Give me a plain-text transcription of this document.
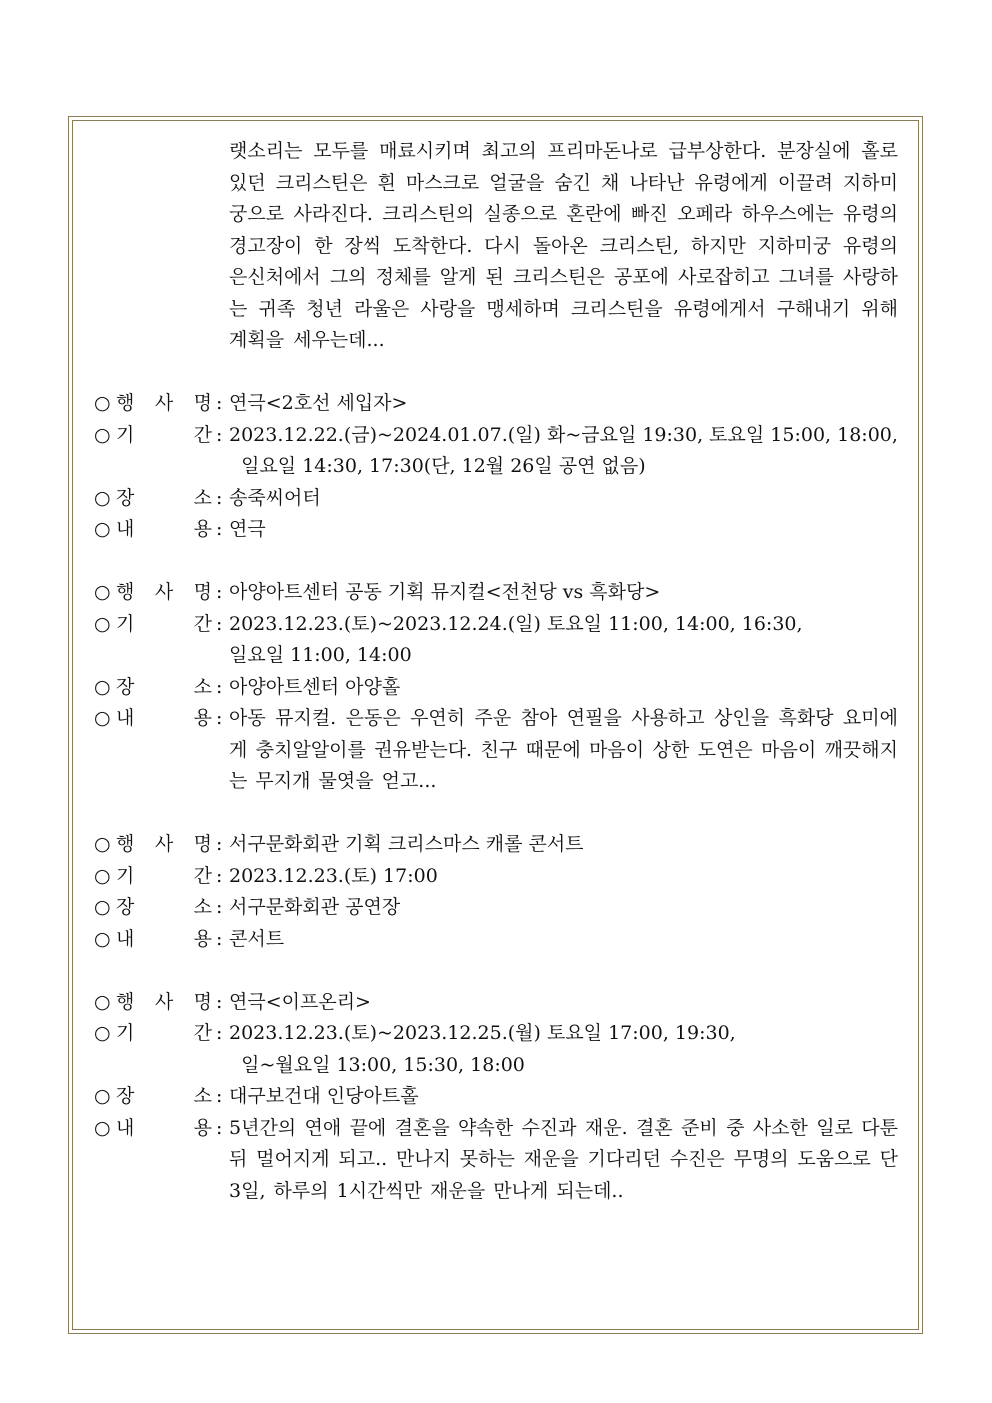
랫소리는 모두를 매료시키며 최고의 프리마돈나로 급부상한다. 분장실에 홀로 있던 크리스틴은 흰 마스크로 얼굴을 숨긴 채 나타난 유령에게 이끌려 지하미궁으로 사라진다. 크리스틴의 실종으로 혼란에 빠진 오페라 하우스에는 유령의 경고장이 한 장씩 도착한다. 다시 돌아온 크리스틴, 하지만 지하미궁 유령의 은신처에서 그의 정체를 알게 된 크리스틴은 공포에 사로잡히고 그녀를 사랑하는 귀족 청년 라울은 사랑을 맹세하며 크리스틴을 유령에게서 구해내기 위해 계획을 세우는데...
○ 행 사 명 : 연극<2호선 세입자>
○ 기	간 : 2023.12.22.(금)~2024.01.07.(일) 화~금요일 19:30, 토요일 15:00, 18:00,
일요일 14:30, 17:30(단, 12월 26일 공연 없음)
○ 장	소 : 송죽씨어터
○ 내	용 : 연극
○ 행 사 명 : 아양아트센터 공동 기획 뮤지컬<전천당 vs 흑화당>
○ 기	간 : 2023.12.23.(토)~2023.12.24.(일) 토요일 11:00, 14:00, 16:30,
일요일 11:00, 14:00
○ 장	소 : 아양아트센터 아양홀
○ 내	용 : 아동 뮤지컬. 은동은 우연히 주운 참아 연필을 사용하고 상인을 흑화당 요미에게 충치알알이를 권유받는다. 친구 때문에 마음이 상한 도연은 마음이 깨끗해지는 무지개 물엿을 얻고...
○ 행 사 명 : 서구문화회관 기획 크리스마스 캐롤 콘서트
○ 기	간 : 2023.12.23.(토) 17:00
○ 장	소 : 서구문화회관 공연장
○ 내	용 : 콘서트
○ 행 사 명 : 연극<이프온리>
○ 기	간 : 2023.12.23.(토)~2023.12.25.(월) 토요일 17:00, 19:30,
일~월요일 13:00, 15:30, 18:00
○ 장	소 : 대구보건대 인당아트홀
○ 내	용 : 5년간의 연애 끝에 결혼을 약속한 수진과 재운. 결혼 준비 중 사소한 일로 다툰 뒤 멀어지게 되고.. 만나지 못하는 재운을 기다리던 수진은 무명의 도움으로 단 3일, 하루의 1시간씩만 재운을 만나게 되는데..
